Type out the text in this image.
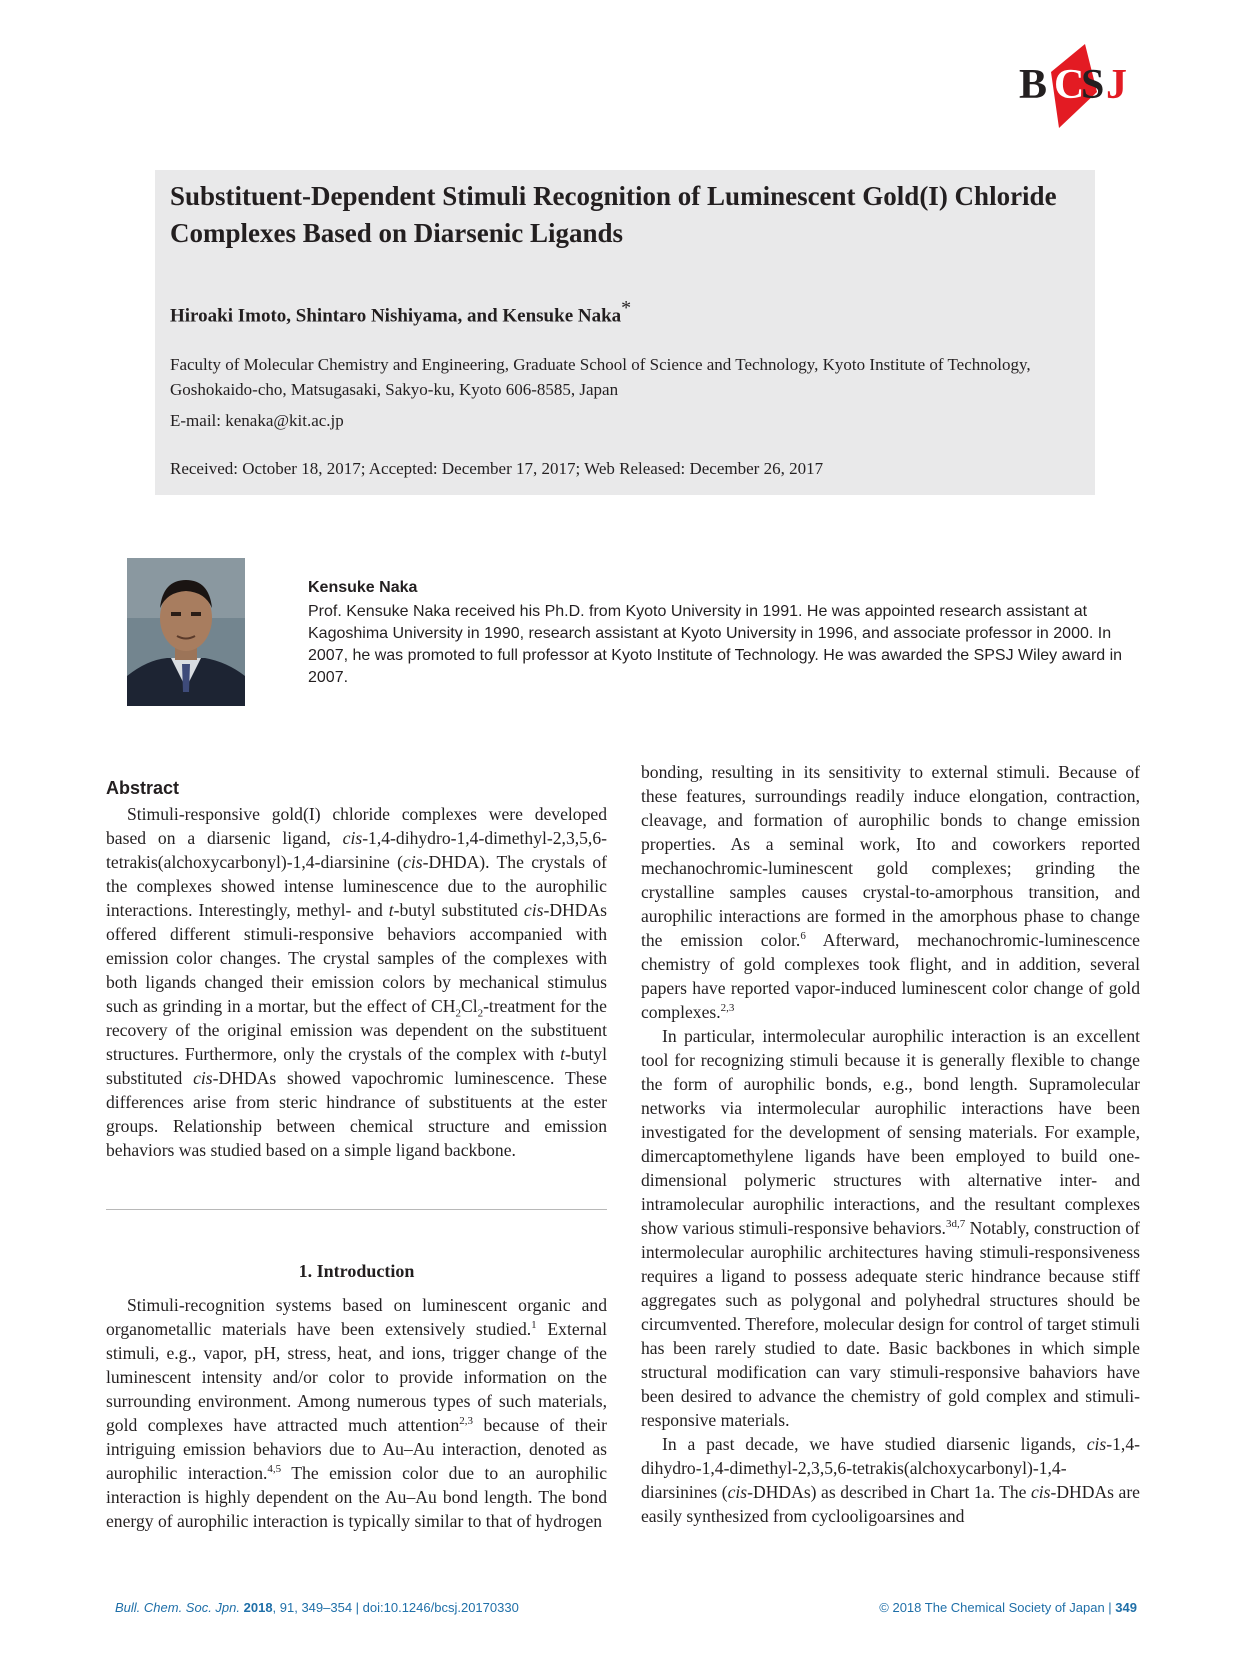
B C
S J
Substituent-Dependent Stimuli Recognition of Luminescent Gold(I) Chloride Complexes Based on Diarsenic Ligands

Hiroaki Imoto, Shintaro Nishiyama, and Kensuke Naka*

Faculty of Molecular Chemistry and Engineering, Graduate School of Science and Technology, Kyoto Institute of Technology, Goshokaido-cho, Matsugasaki, Sakyo-ku, Kyoto 606-8585, Japan

E-mail: kenaka@kit.ac.jp

Received: October 18, 2017; Accepted: December 17, 2017; Web Released: December 26, 2017

Kensuke Naka

Prof. Kensuke Naka received his Ph.D. from Kyoto University in 1991. He was appointed research assistant at Kagoshima University in 1990, research assistant at Kyoto University in 1996, and associate professor in 2000. In 2007, he was promoted to full professor at Kyoto Institute of Technology. He was awarded the SPSJ Wiley award in 2007.

Abstract

Stimuli-responsive gold(I) chloride complexes were developed based on a diarsenic ligand, cis-1,4-dihydro-1,4-dimethyl-2,3,5,6-tetrakis(alchoxycarbonyl)-1,4-diarsinine (cis-DHDA). The crystals of the complexes showed intense luminescence due to the aurophilic interactions. Interestingly, methyl- and t-butyl substituted cis-DHDAs offered different stimuli-responsive behaviors accompanied with emission color changes. The crystal samples of the complexes with both ligands changed their emission colors by mechanical stimulus such as grinding in a mortar, but the effect of $CH_2Cl_2$-treatment for the recovery of the original emission was dependent on the substituent structures. Furthermore, only the crystals of the complex with t-butyl substituted cis-DHDAs showed vapochromic luminescence. These differences arise from steric hindrance of substituents at the ester groups. Relationship between chemical structure and emission behaviors was studied based on a simple ligand backbone.

1. Introduction

Stimuli-recognition systems based on luminescent organic and organometallic materials have been extensively studied.$^1$ External stimuli, e.g., vapor, pH, stress, heat, and ions, trigger change of the luminescent intensity and/or color to provide information on the surrounding environment. Among numerous types of such materials, gold complexes have attracted much attention$^{2,3}$ because of their intriguing emission behaviors due to Au–Au interaction, denoted as aurophilic interaction.$^{4,5}$ The emission color due to an aurophilic interaction is highly dependent on the Au–Au bond length. The bond energy of aurophilic interaction is typically similar to that of hydrogen

bonding, resulting in its sensitivity to external stimuli. Because of these features, surroundings readily induce elongation, contraction, cleavage, and formation of aurophilic bonds to change emission properties. As a seminal work, Ito and coworkers reported mechanochromic-luminescent gold complexes; grinding the crystalline samples causes crystal-to-amorphous transition, and aurophilic interactions are formed in the amorphous phase to change the emission color.$^6$ Afterward, mechanochromic-luminescence chemistry of gold complexes took flight, and in addition, several papers have reported vapor-induced luminescent color change of gold complexes.$^{2,3}$

In particular, intermolecular aurophilic interaction is an excellent tool for recognizing stimuli because it is generally flexible to change the form of aurophilic bonds, e.g., bond length. Supramolecular networks via intermolecular aurophilic interactions have been investigated for the development of sensing materials. For example, dimercaptomethylene ligands have been employed to build one-dimensional polymeric structures with alternative inter- and intramolecular aurophilic interactions, and the resultant complexes show various stimuli-responsive behaviors.$^{3d,7}$ Notably, construction of intermolecular aurophilic architectures having stimuli-responsiveness requires a ligand to possess adequate steric hindrance because stiff aggregates such as polygonal and polyhedral structures should be circumvented. Therefore, molecular design for control of target stimuli has been rarely studied to date. Basic backbones in which simple structural modification can vary stimuli-responsive bahaviors have been desired to advance the chemistry of gold complex and stimuli-responsive materials.

In a past decade, we have studied diarsenic ligands, cis-1,4-dihydro-1,4-dimethyl-2,3,5,6-tetrakis(alchoxycarbonyl)-1,4-diarsinines (cis-DHDAs) as described in Chart 1a. The cis-DHDAs are easily synthesized from cyclooligoarsines and

Bull. Chem. Soc. Jpn. 2018, 91, 349–354 | doi:10.1246/bcsj.20170330	© 2018 The Chemical Society of Japan | 349
